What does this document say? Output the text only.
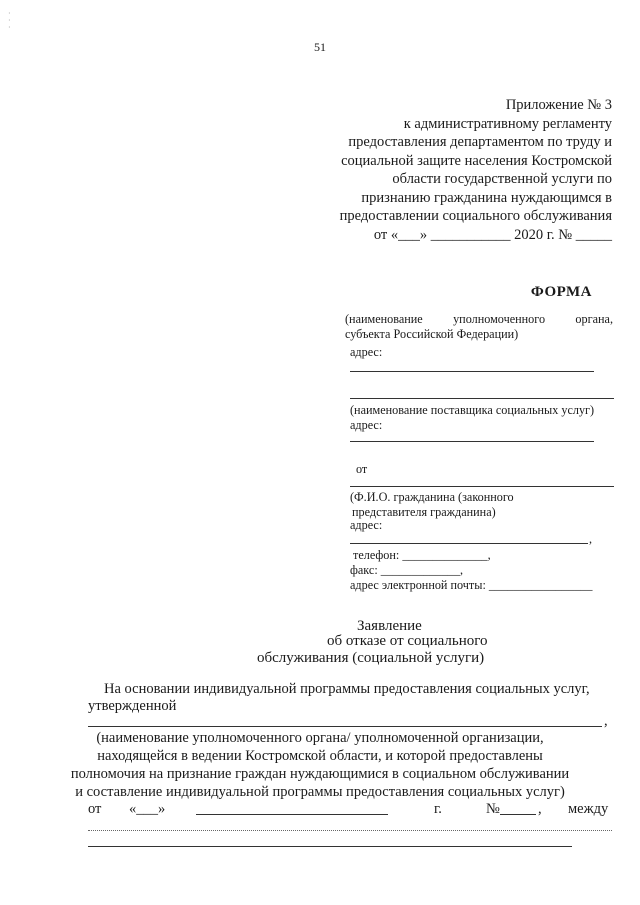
·
·
·
51
Приложение № 3
к административному регламенту
предоставления департаментом по труду и
социальной защите населения Костромской
области государственной услуги по
признанию гражданина нуждающимся в
предоставлении социального обслуживания
от «___» ___________ 2020 г. № _____
ФОРМА
(наименование уполномоченного органа,
субъекта Российской Федерации)
адрес:
(наименование поставщика социальных услуг)
адрес:
от
(Ф.И.О. гражданина (законного
представителя гражданина)
адрес:
,
телефон: ______________,
факс: _____________,
адрес электронной почты: _________________
Заявление
об отказе от социального
обслуживания (социальной услуги)
На основании индивидуальной программы предоставления социальных услуг,
утвержденной
,
(наименование уполномоченного органа/ уполномоченной организации,
находящейся в ведении Костромской области, и которой предоставлены
полномочия на признание граждан нуждающимися в социальном обслуживании
и составление индивидуальной программы предоставления социальных услуг)
от «___»	г.	№	, между
